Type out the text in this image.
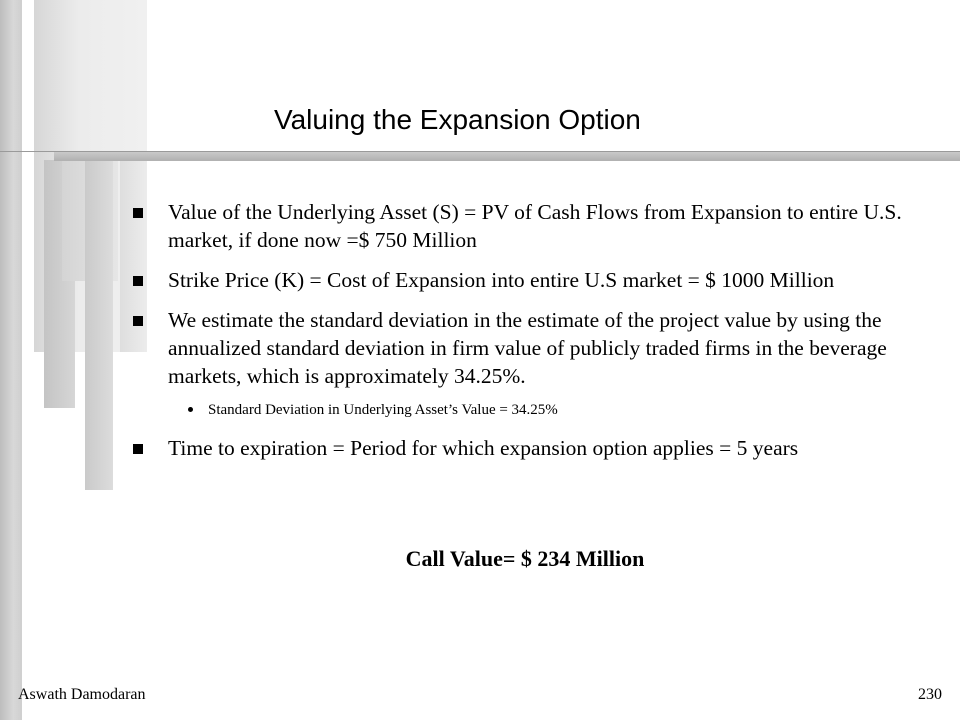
Valuing the Expansion Option
Value of the Underlying Asset (S) = PV of Cash Flows from Expansion to entire U.S. market, if done now =$ 750 Million
Strike Price (K) = Cost of Expansion into entire U.S market = $ 1000 Million
We estimate the standard deviation in the estimate of the project value by using the annualized standard deviation in firm value of publicly traded firms in the beverage markets, which is approximately 34.25%.
Standard Deviation in Underlying Asset’s Value = 34.25%
Time to expiration = Period for which expansion option applies = 5 years
Call Value= $ 234 Million
Aswath Damodaran	230
